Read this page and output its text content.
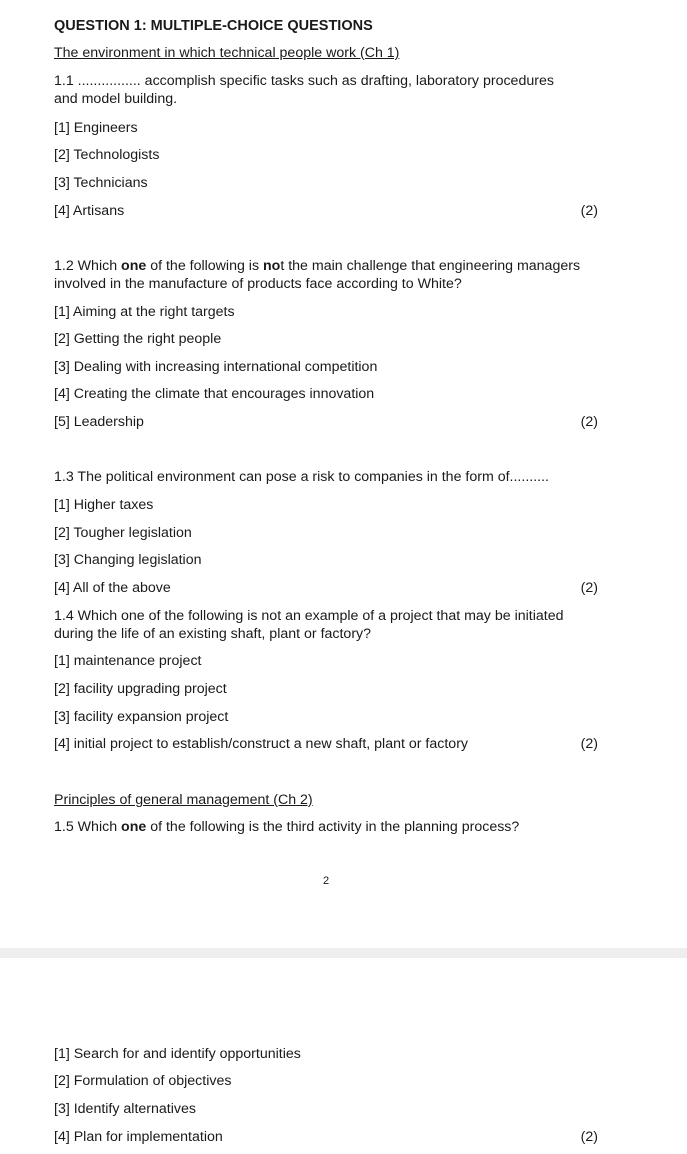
QUESTION 1: MULTIPLE-CHOICE QUESTIONS
The environment in which technical people work (Ch 1)
1.1 ................ accomplish specific tasks such as drafting, laboratory procedures
and model building.
[1] Engineers
[2] Technologists
[3] Technicians
[4] Artisans	(2)
1.2 Which one of the following is not the main challenge that engineering managers
involved in the manufacture of products face according to White?
[1] Aiming at the right targets
[2] Getting the right people
[3] Dealing with increasing international competition
[4] Creating the climate that encourages innovation
[5] Leadership	(2)
1.3 The political environment can pose a risk to companies in the form of..........
[1] Higher taxes
[2] Tougher legislation
[3] Changing legislation
[4] All of the above	(2)
1.4 Which one of the following is not an example of a project that may be initiated
during the life of an existing shaft, plant or factory?
[1] maintenance project
[2] facility upgrading project
[3] facility expansion project
[4] initial project to establish/construct a new shaft, plant or factory	(2)
Principles of general management (Ch 2)
1.5 Which one of the following is the third activity in the planning process?
2
[1] Search for and identify opportunities
[2] Formulation of objectives
[3] Identify alternatives
[4] Plan for implementation	(2)
